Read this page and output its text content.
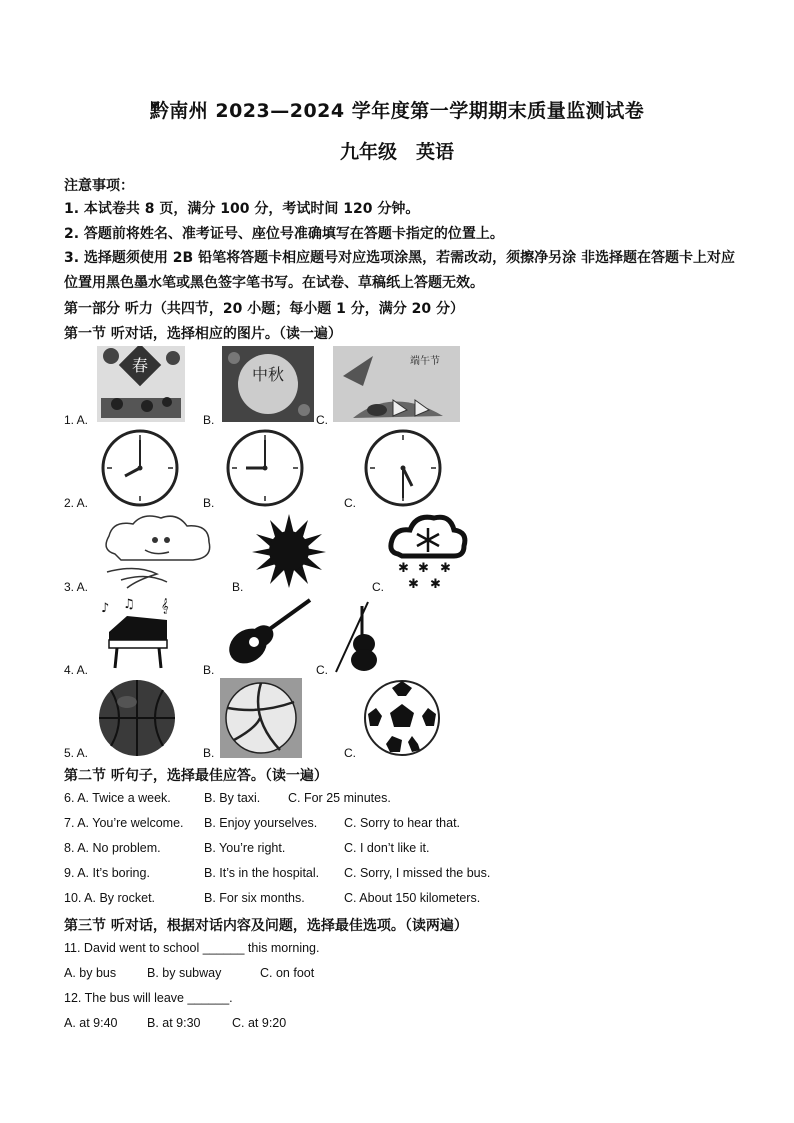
黔南州 2023—2024 学年度第一学期期末质量监测试卷
九年级　英语
注意事项：
1. 本试卷共 8 页，满分 100 分，考试时间 120 分钟。
2. 答题前将姓名、准考证号、座位号准确填写在答题卡指定的位置上。
3. 选择题须使用 2B 铅笔将答题卡相应题号对应选项涂黑，若需改动，须擦净另涂 非选择题在答题卡上对应位置用黑色墨水笔或黑色签字笔书写。在试卷、草稿纸上答题无效。
第一部分 听力（共四节，20 小题；每小题 1 分，满分 20 分）
第一节 听对话，选择相应的图片。（读一遍）
1. A.
春
B.
中秋
C.
端午节
2. A.	B.	C.
3. A.	B.	C.
✱ ✱ ✱
✱ ✱
4. A.
♪ ♫ 𝄞
B.	C.
5. A.	B.	C.
第二节 听句子，选择最佳应答。（读一遍）
6. A. Twice a week.	B. By taxi. C. For 25 minutes.
7. A. You’re welcome. B. Enjoy yourselves. C. Sorry to hear that.
8. A. No problem.	B. You’re right.	C. I don’t like it.
9. A. It’s boring.	B. It’s in the hospital. C. Sorry, I missed the bus.
10. A. By rocket.	B. For six months.	C. About 150 kilometers.
第三节 听对话，根据对话内容及问题，选择最佳选项。（读两遍）
11. David went to school ______ this morning.
A. by bus B. by subway	C. on foot
12. The bus will leave ______.
A. at 9:40 B. at 9:30	C. at 9:20
